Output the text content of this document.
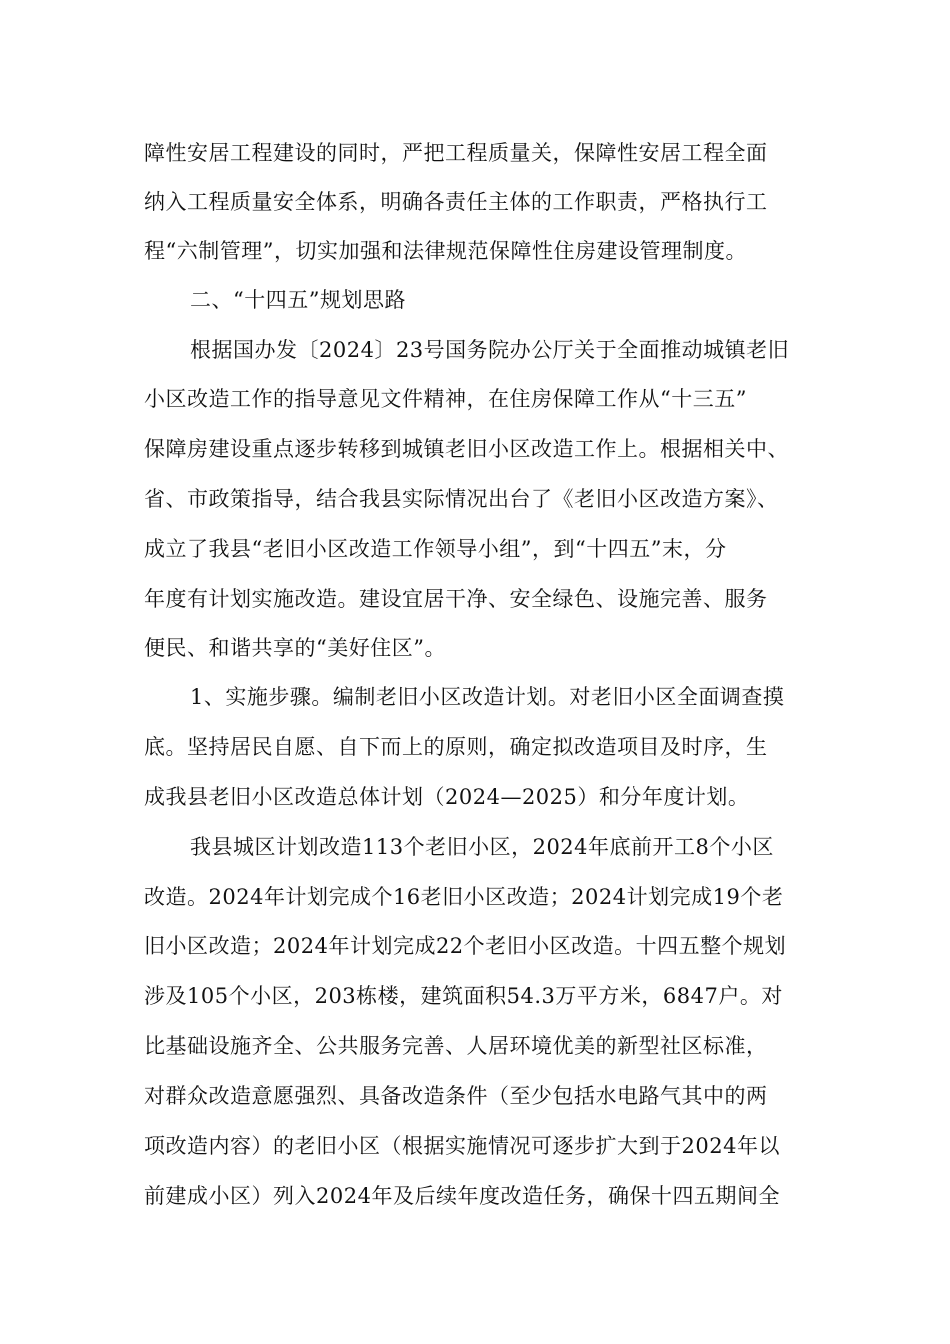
障性安居工程建设的同时，严把工程质量关，保障性安居工程全面
纳入工程质量安全体系，明确各责任主体的工作职责，严格执行工
程“六制管理”，切实加强和法律规范保障性住房建设管理制度。
二、“十四五”规划思路
根据国办发〔2024〕23号国务院办公厅关于全面推动城镇老旧
小区改造工作的指导意见文件精神，在住房保障工作从“十三五”
保障房建设重点逐步转移到城镇老旧小区改造工作上。根据相关中、
省、市政策指导，结合我县实际情况出台了《老旧小区改造方案》、
成立了我县“老旧小区改造工作领导小组”，到“十四五”末，分
年度有计划实施改造。建设宜居干净、安全绿色、设施完善、服务
便民、和谐共享的“美好住区”。
1、实施步骤。编制老旧小区改造计划。对老旧小区全面调查摸
底。坚持居民自愿、自下而上的原则，确定拟改造项目及时序，生
成我县老旧小区改造总体计划（2024—2025）和分年度计划。
我县城区计划改造113个老旧小区，2024年底前开工8个小区
改造。2024年计划完成个16老旧小区改造；2024计划完成19个老
旧小区改造；2024年计划完成22个老旧小区改造。十四五整个规划
涉及105个小区，203栋楼，建筑面积54.3万平方米，6847户。对
比基础设施齐全、公共服务完善、人居环境优美的新型社区标准，
对群众改造意愿强烈、具备改造条件（至少包括水电路气其中的两
项改造内容）的老旧小区（根据实施情况可逐步扩大到于2024年以
前建成小区）列入2024年及后续年度改造任务，确保十四五期间全
